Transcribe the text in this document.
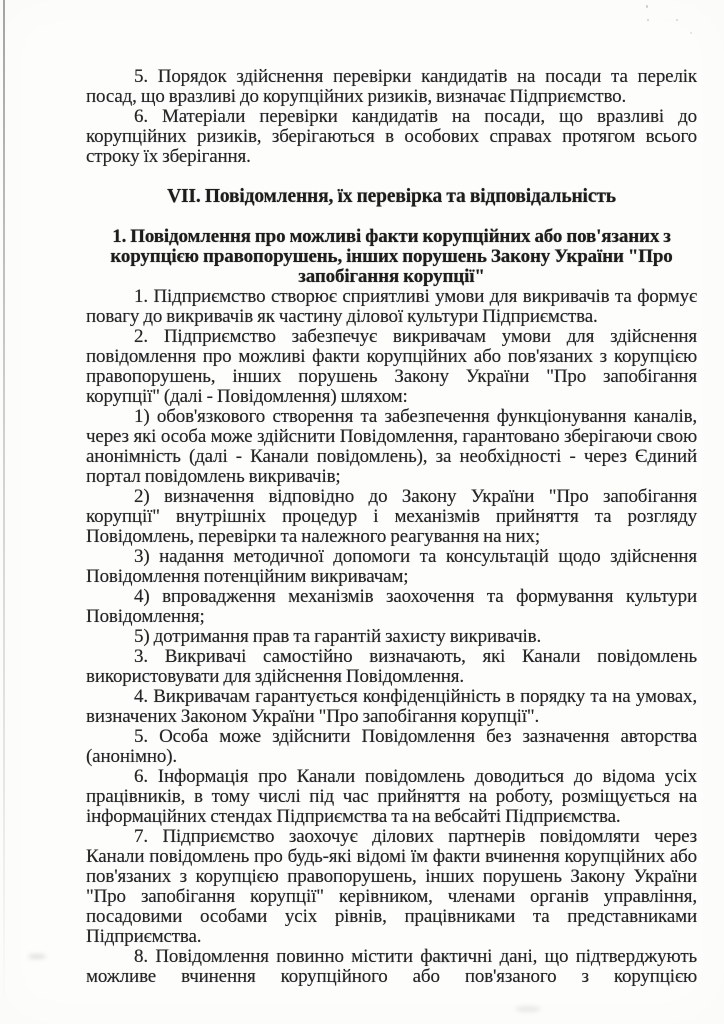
5. Порядок здійснення перевірки кандидатів на посади та перелік посад, що вразливі до корупційних ризиків, визначає Підприємство.

6. Матеріали перевірки кандидатів на посади, що вразливі до корупційних ризиків, зберігаються в особових справах протягом всього строку їх зберігання.

VII. Повідомлення, їх перевірка та відповідальність
1. Повідомлення про можливі факти корупційних або пов'язаних з
корупцією правопорушень, інших порушень Закону України "Про
запобігання корупції"

1. Підприємство створює сприятливі умови для викривачів та формує повагу до викривачів як частину ділової культури Підприємства.

2. Підприємство забезпечує викривачам умови для здійснення повідомлення про можливі факти корупційних або пов'язаних з корупцією правопорушень, інших порушень Закону України "Про запобігання корупції" (далі - Повідомлення) шляхом:

1) обов'язкового створення та забезпечення функціонування каналів, через які особа може здійснити Повідомлення, гарантовано зберігаючи свою анонімність (далі - Канали повідомлень), за необхідності - через Єдиний портал повідомлень викривачів;

2) визначення відповідно до Закону України "Про запобігання корупції" внутрішніх процедур і механізмів прийняття та розгляду Повідомлень, перевірки та належного реагування на них;

3) надання методичної допомоги та консультацій щодо здійснення Повідомлення потенційним викривачам;

4) впровадження механізмів заохочення та формування культури Повідомлення;

5) дотримання прав та гарантій захисту викривачів.

3. Викривачі самостійно визначають, які Канали повідомлень використовувати для здійснення Повідомлення.

4. Викривачам гарантується конфіденційність в порядку та на умовах, визначених Законом України "Про запобігання корупції".

5. Особа може здійснити Повідомлення без зазначення авторства (анонімно).

6. Інформація про Канали повідомлень доводиться до відома усіх працівників, в тому числі під час прийняття на роботу, розміщується на інформаційних стендах Підприємства та на вебсайті Підприємства.

7. Підприємство заохочує ділових партнерів повідомляти через Канали повідомлень про будь-які відомі їм факти вчинення корупційних або пов'язаних з корупцією правопорушень, інших порушень Закону України "Про запобігання корупції" керівником, членами органів управління, посадовими особами усіх рівнів, працівниками та представниками Підприємства.

8. Повідомлення повинно містити фактичні дані, що підтверджують можливе вчинення корупційного або пов'язаного з корупцією
